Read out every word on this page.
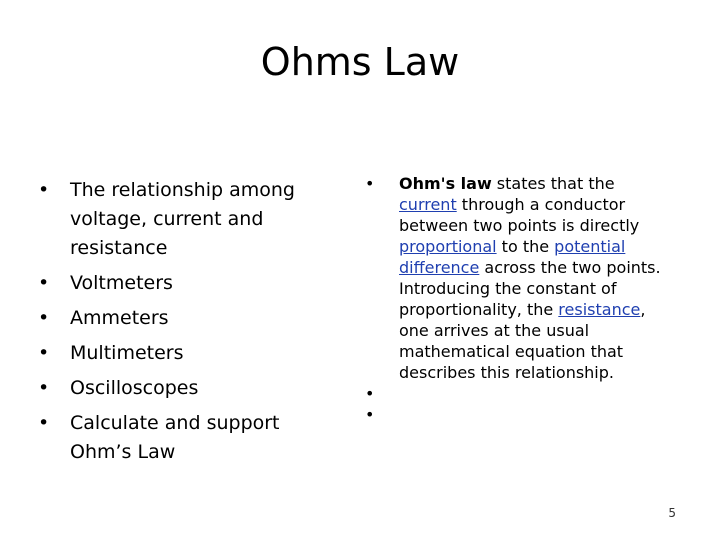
Ohms Law
• The relationship among voltage, current and resistance
• Voltmeters
• Ammeters
• Multimeters
• Oscilloscopes
• Calculate and support Ohm’s Law
• Ohm's law states that the current through a conductor between two points is directly proportional to the potential difference across the two points. Introducing the constant of proportionality, the resistance, one arrives at the usual mathematical equation that describes this relationship.
•
•
5
